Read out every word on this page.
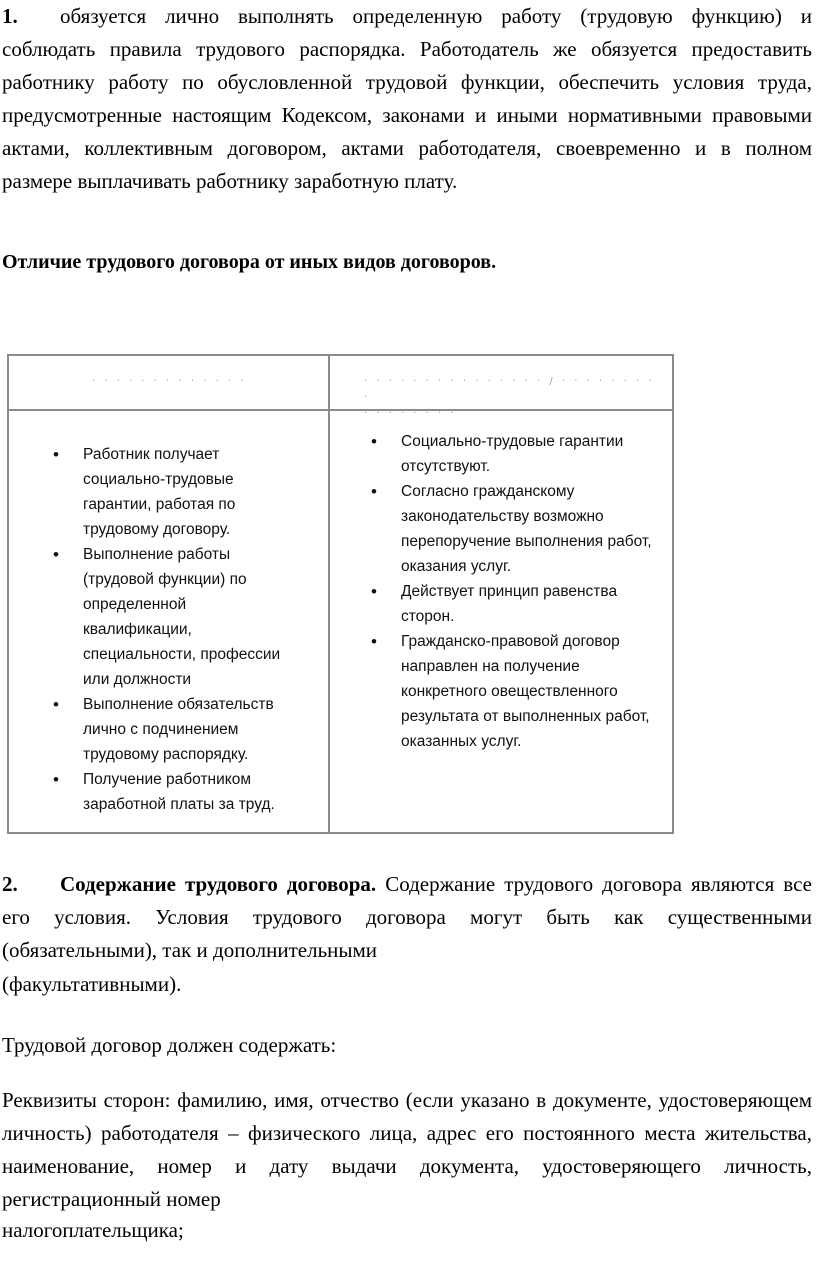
1. обязуется лично выполнять определенную работу (трудовую функцию) и соблюдать правила трудового распорядка. Работодатель же обязуется предоставить работнику работу по обусловленной трудовой функции, обеспечить условия труда, предусмотренные настоящим Кодексом, законами и иными нормативными правовыми актами, коллективным договором, актами работодателя, своевременно и в полном размере выплачивать работнику заработную плату.
Отличие трудового договора от иных видов договоров.
· · · · · · · · · · · · ·	· · · · · · · · · · · · · · · / · · · · · · · · ·
· · · · · · · ·
• Работник получает социально-трудовые гарантии, работая по трудовому договору.
• Выполнение работы (трудовой функции) по определенной квалификации, специальности, профессии или должности
• Выполнение обязательств лично с подчинением трудовому распорядку.
• Получение работником заработной платы за труд.
• Социально-трудовые гарантии отсутствуют.
• Согласно гражданскому законодательству возможно перепоручение выполнения работ, оказания услуг.
• Действует принцип равенства сторон.
• Гражданско-правовой договор направлен на получение конкретного овеществленного результата от выполненных работ, оказанных услуг.
2. Содержание трудового договора. Содержание трудового договора являются все его условия. Условия трудового договора могут быть как существенными (обязательными), так и дополнительными
(факультативными).
Трудовой договор должен содержать:
Реквизиты сторон: фамилию, имя, отчество (если указано в документе, удостоверяющем личность) работодателя – физического лица, адрес его постоянного места жительства, наименование, номер и дату выдачи документа, удостоверяющего личность, регистрационный номер
налогоплательщика;
